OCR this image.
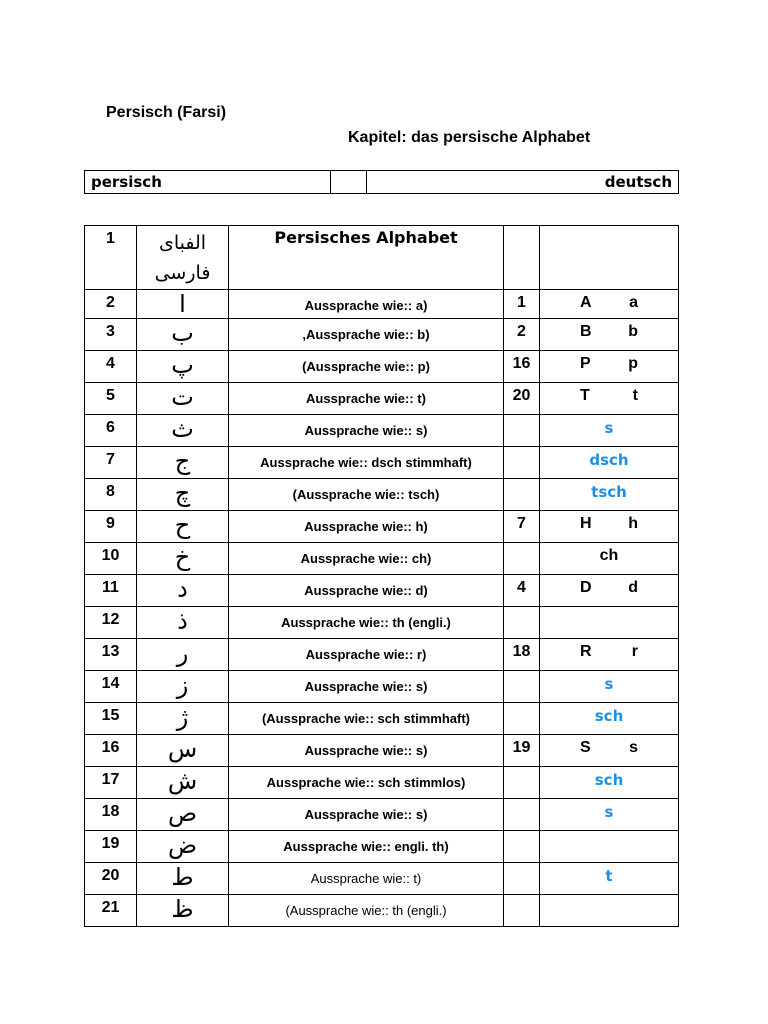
Persisch (Farsi)
Kapitel: das persische Alphabet
persisch		deutsch
1	الفبای فارسی	Persisches Alphabet		
2	ا	Aussprache wie:: a)	1	A a

3	ب	,Aussprache wie:: b)	2	B b

4	پ	(Aussprache wie:: p)	16	P p

5	ت	Aussprache wie:: t)	20	T t

6	ث	Aussprache wie:: s)		s

7	ج	Aussprache wie:: dsch stimmhaft)		dsch

8	چ	(Aussprache wie:: tsch)		tsch

9	ح	Aussprache wie:: h)	7	H h

10	خ	Aussprache wie:: ch)		ch

11	د	Aussprache wie:: d)	4	D d

12	ذ	Aussprache wie:: th (engli.)		
13	ر	Aussprache wie:: r)	18	R r

14	ز	Aussprache wie:: s)		s

15	ژ	(Aussprache wie:: sch stimmhaft)		sch

16	س	Aussprache wie:: s)	19	S s

17	ش	Aussprache wie:: sch stimmlos)		sch

18	ص	Aussprache wie:: s)		s

19	ض	Aussprache wie:: engli. th)		
20	ط	Aussprache wie:: t)		t

21	ظ	(Aussprache wie:: th (engli.)		
